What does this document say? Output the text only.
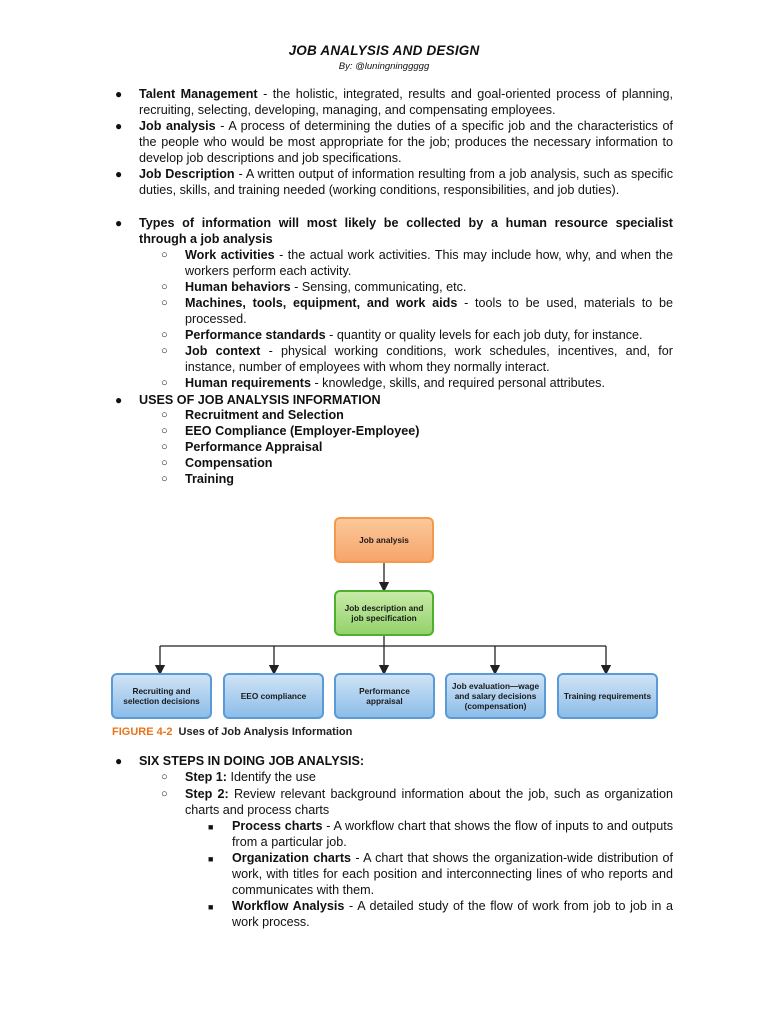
JOB ANALYSIS AND DESIGN
By: @luningninggggg
● Talent Management - the holistic, integrated, results and goal-oriented process of planning, recruiting, selecting, developing, managing, and compensating employees.
● Job analysis - A process of determining the duties of a specific job and the characteristics of the people who would be most appropriate for the job; produces the necessary information to develop job descriptions and job specifications.
● Job Description - A written output of information resulting from a job analysis, such as specific duties, skills, and training needed (working conditions, responsibilities, and job duties).
● Types of information will most likely be collected by a human resource specialist through a job analysis
○ Work activities - the actual work activities. This may include how, why, and when the workers perform each activity.
○ Human behaviors - Sensing, communicating, etc.
○ Machines, tools, equipment, and work aids - tools to be used, materials to be processed.
○ Performance standards - quantity or quality levels for each job duty, for instance.
○ Job context - physical working conditions, work schedules, incentives, and, for instance, number of employees with whom they normally interact.
○ Human requirements - knowledge, skills, and required personal attributes.
● USES OF JOB ANALYSIS INFORMATION
○ Recruitment and Selection
○ EEO Compliance (Employer-Employee)
○ Performance Appraisal
○ Compensation
○ Training
● SIX STEPS IN DOING JOB ANALYSIS:
○ Step 1: Identify the use
○ Step 2: Review relevant background information about the job, such as organization charts and process charts
■ Process charts - A workflow chart that shows the flow of inputs to and outputs from a particular job.
■ Organization charts - A chart that shows the organization-wide distribution of work, with titles for each position and interconnecting lines of who reports and communicates with them.
■ Workflow Analysis - A detailed study of the flow of work from job to job in a work process.
Job analysis
Job description and job specification
Recruiting and selection decisions	EEO compliance	Performance appraisal
Job evaluation—wage and salary decisions (compensation)
Training requirements
FIGURE 4-2 Uses of Job Analysis Information
